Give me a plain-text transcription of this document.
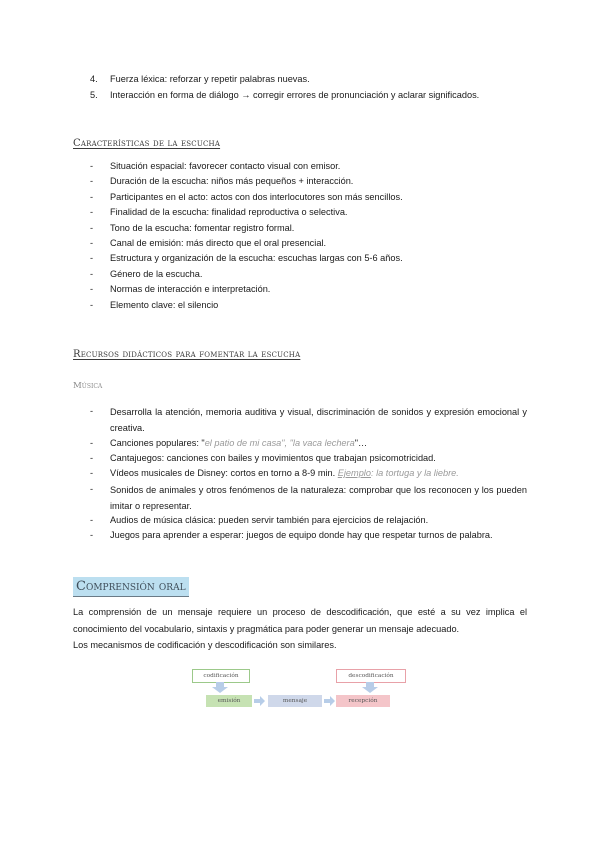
4.	Fuerza léxica: reforzar y repetir palabras nuevas.
5.	Interacción en forma de diálogo → corregir errores de pronunciación y aclarar significados.
Características de la escucha
-	Situación espacial: favorecer contacto visual con emisor.
-	Duración de la escucha: niños más pequeños + interacción.
-	Participantes en el acto: actos con dos interlocutores son más sencillos.
-	Finalidad de la escucha: finalidad reproductiva o selectiva.
-	Tono de la escucha: fomentar registro formal.
-	Canal de emisión: más directo que el oral presencial.
-	Estructura y organización de la escucha: escuchas largas con 5-6 años.
-	Género de la escucha.
-	Normas de interacción e interpretación.
-	Elemento clave: el silencio
Recursos didácticos para fomentar la escucha
Música
-	Desarrolla la atención, memoria auditiva y visual, discriminación de sonidos y expresión emocional y creativa.
-	Canciones populares: "el patio de mi casa", "la vaca lechera"…
-	Cantajuegos: canciones con bailes y movimientos que trabajan psicomotricidad.
-	Vídeos musicales de Disney: cortos en torno a 8-9 min. Ejemplo: la tortuga y la liebre.
-	Sonidos de animales y otros fenómenos de la naturaleza: comprobar que los reconocen y los pueden imitar o representar.
-	Audios de música clásica: pueden servir también para ejercicios de relajación.
-	Juegos para aprender a esperar: juegos de equipo donde hay que respetar turnos de palabra.
Comprensión oral
La comprensión de un mensaje requiere un proceso de descodificación, que esté a su vez implica el conocimiento del vocabulario, sintaxis y pragmática para poder generar un mensaje adecuado.
Los mecanismos de codificación y descodificación son similares.
codificación	descodificación
emisión	mensaje	recepción
